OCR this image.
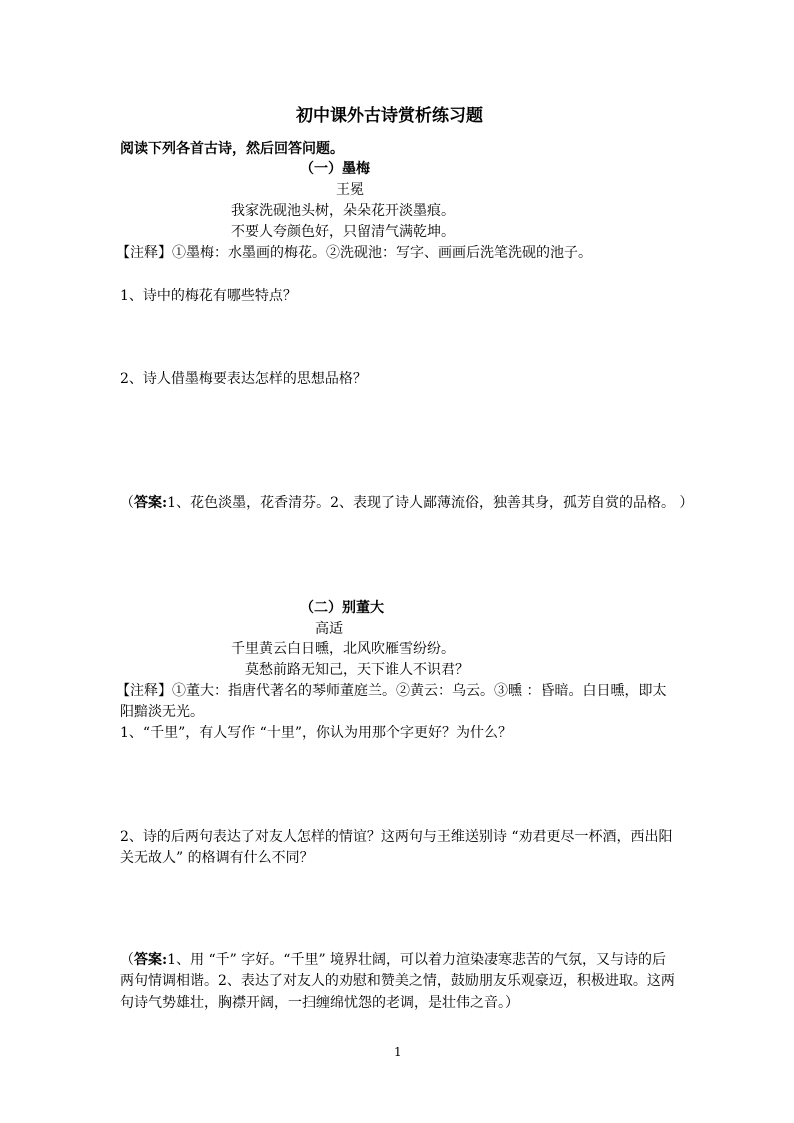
初中课外古诗赏析练习题
阅读下列各首古诗，然后回答问题。
（一）墨梅
王冕
我家洗砚池头树，朵朵花开淡墨痕。
不要人夸颜色好，只留清气满乾坤。
【注释】①墨梅：水墨画的梅花。②洗砚池：写字、画画后洗笔洗砚的池子。
1、诗中的梅花有哪些特点？
2、诗人借墨梅要表达怎样的思想品格？
（答案:1、花色淡墨，花香清芬。2、表现了诗人鄙薄流俗，独善其身，孤芳自赏的品格。 ）
（二）别董大
高适
千里黄云白日曛，北风吹雁雪纷纷。
莫愁前路无知己，天下谁人不识君？
【注释】①董大：指唐代著名的琴师董庭兰。②黄云：乌云。③曛 ：昏暗。白日曛，即太
阳黯淡无光。
1、“千里”，有人写作 “十里”，你认为用那个字更好？为什么？
2、诗的后两句表达了对友人怎样的情谊？这两句与王维送别诗 “劝君更尽一杯酒，西出阳
关无故人” 的格调有什么不同？
（答案:1、用 “千” 字好。“千里” 境界壮阔，可以着力渲染凄寒悲苦的气氛，又与诗的后
两句情调相谐。2、表达了对友人的劝慰和赞美之情，鼓励朋友乐观豪迈，积极进取。这两
句诗气势雄壮，胸襟开阔，一扫缠绵忧怨的老调，是壮伟之音。）
1
